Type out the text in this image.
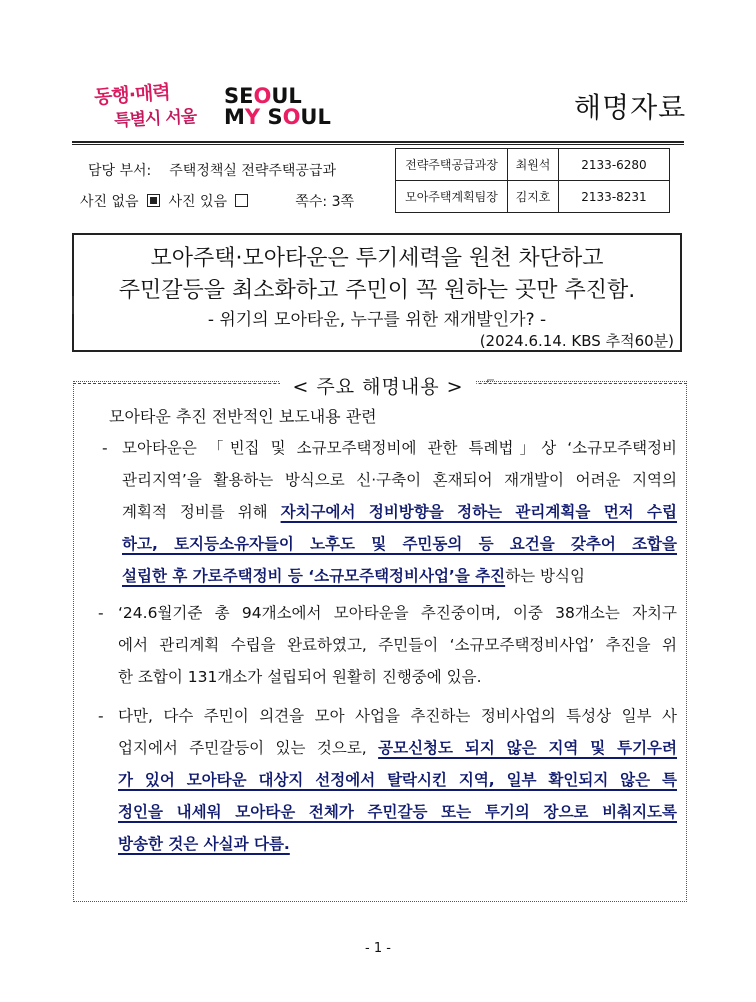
동행·매력
특별시 서울
SEOUL
MY SOUL	해명자료
담당 부서: 주택정책실 전략주택공급과
사진 없음 사진 있음	쪽수: 3쪽
전략주택공급과장	최원석	2133-6280
모아주택계획팀장	김지호	2133-8231
모아주택·모아타운은 투기세력을 원천 차단하고
주민갈등을 최소화하고 주민이 꼭 원하는 곳만 추진함.
- 위기의 모아타운, 누구를 위한 재개발인가? -
(2024.6.14. KBS 추적60분)
< 주요 해명내용 >	⌐
모아타운 추진 전반적인 보도내용 관련
- 모아타운은 「빈집 및 소규모주택정비에 관한 특례법」상 ‘소규모주택정비
관리지역’을 활용하는 방식으로 신·구축이 혼재되어 재개발이 어려운 지역의
계획적 정비를 위해 자치구에서 정비방향을 정하는 관리계획을 먼저 수립
하고, 토지등소유자들이 노후도 및 주민동의 등 요건을 갖추어 조합을
설립한 후 가로주택정비 등 ‘소규모주택정비사업’을 추진하는 방식임
- ‘24.6월기준 총 94개소에서 모아타운을 추진중이며, 이중 38개소는 자치구
에서 관리계획 수립을 완료하였고, 주민들이 ‘소규모주택정비사업’ 추진을 위
한 조합이 131개소가 설립되어 원활히 진행중에 있음.
- 다만, 다수 주민이 의견을 모아 사업을 추진하는 정비사업의 특성상 일부 사
업지에서 주민갈등이 있는 것으로, 공모신청도 되지 않은 지역 및 투기우려
가 있어 모아타운 대상지 선정에서 탈락시킨 지역, 일부 확인되지 않은 특
정인을 내세워 모아타운 전체가 주민갈등 또는 투기의 장으로 비춰지도록
방송한 것은 사실과 다름.
- 1 -
